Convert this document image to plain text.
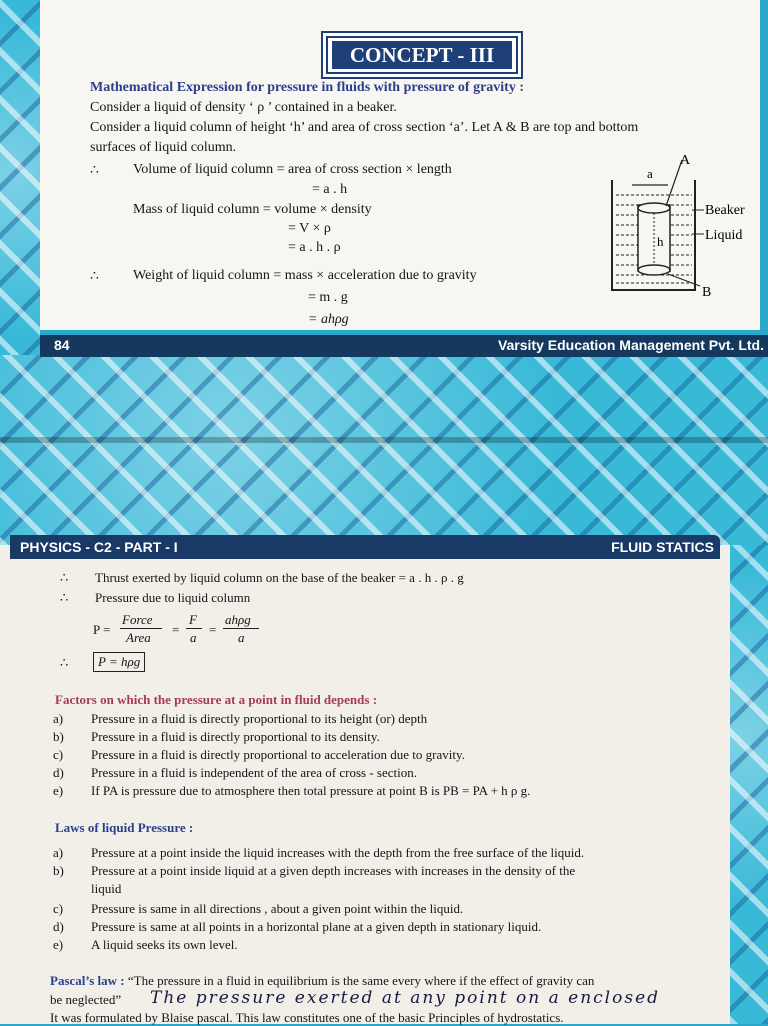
CONCEPT - III
Mathematical Expression for pressure in fluids with pressure of gravity :
Consider a liquid of density ‘ ρ ’ contained in a beaker.
Consider a liquid column of height ‘h’ and area of cross section ‘a’. Let A & B are top and bottom
surfaces of liquid column.
∴ Volume of liquid column = area of cross section × length
= a . h
Mass of liquid column = volume × density
= V × ρ
= a . h . ρ
∴ Weight of liquid column = mass × acceleration due to gravity
= m . g
= ahρg
a
A
h
B
Beaker
Liquid
84	Varsity Education Management Pvt. Ltd.
PHYSICS - C2 - PART - I	FLUID STATICS
∴ Thrust exerted by liquid column on the base of the beaker = a . h . ρ . g
∴ Pressure due to liquid column
P =
Force
Area
=
F
a
=
ahρg
a
∴	P = hρg
Factors on which the pressure at a point in fluid depends :
a) Pressure in a fluid is directly proportional to its height (or) depth
b) Pressure in a fluid is directly proportional to its density.
c) Pressure in a fluid is directly proportional to acceleration due to gravity.
d) Pressure in a fluid is independent of the area of cross - section.
e) If PA is pressure due to atmosphere then total pressure at point B is PB = PA + h ρ g.
Laws of liquid Pressure :
a) Pressure at a point inside the liquid increases with the depth from the free surface of the liquid.
b) Pressure at a point inside liquid at a given depth increases with increases in the density of the
liquid
c) Pressure is same in all directions , about a given point within the liquid.
d) Pressure is same at all points in a horizontal plane at a given depth in stationary liquid.
e) A liquid seeks its own level.
Pascal’s law : “The pressure in a fluid in equilibrium is the same every where if the effect of gravity can
be neglected” The pressure exerted at any point on a enclosed
It was formulated by Blaise pascal. This law constitutes one of the basic Principles of hydrostatics.
